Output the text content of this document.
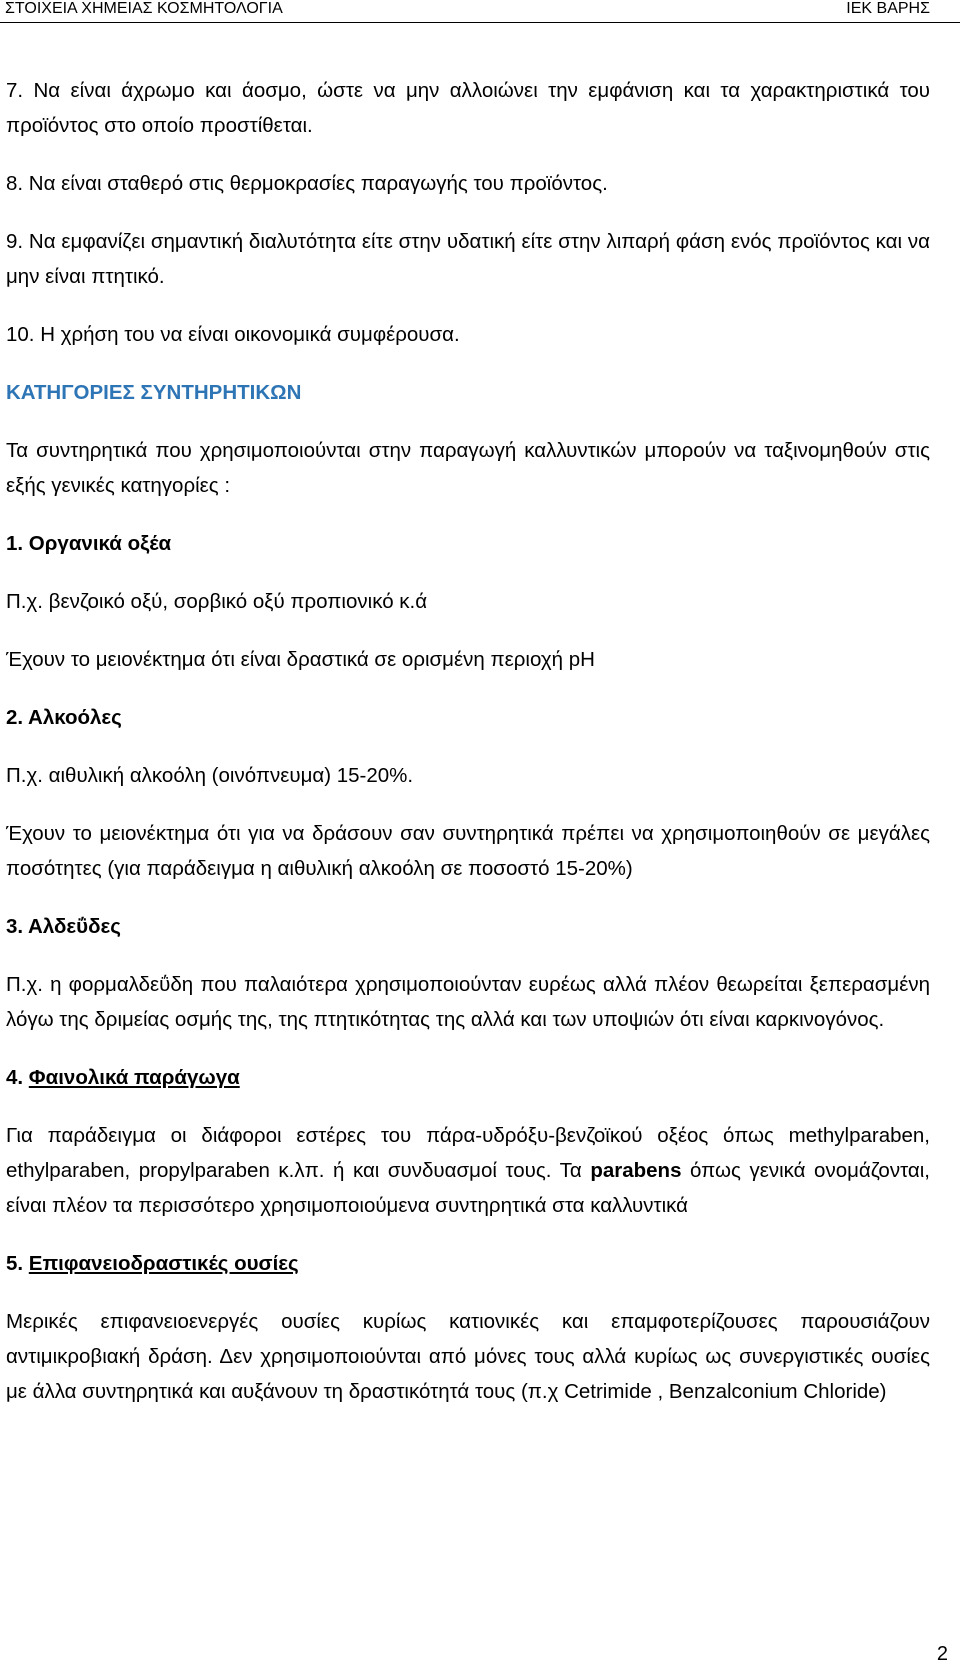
ΣΤΟΙΧΕΙΑ ΧΗΜΕΙΑΣ ΚΟΣΜΗΤΟΛΟΓΙΑ	ΙΕΚ ΒΑΡΗΣ

7. Να είναι άχρωμο και άοσμο, ώστε να μην αλλοιώνει την εμφάνιση και τα χαρακτηριστικά του προϊόντος στο οποίο προστίθεται.

8. Να είναι σταθερό στις θερμοκρασίες παραγωγής του προϊόντος.

9. Να εμφανίζει σημαντική διαλυτότητα είτε στην υδατική είτε στην λιπαρή φάση ενός προϊόντος και να μην είναι πτητικό.

10. Η χρήση του να είναι οικονομικά συμφέρουσα.

ΚΑΤΗΓΟΡΙΕΣ ΣΥΝΤΗΡΗΤΙΚΩΝ

Τα συντηρητικά που χρησιμοποιούνται στην παραγωγή καλλυντικών μπορούν να ταξινομηθούν στις εξής γενικές κατηγορίες :

1. Οργανικά οξέα

Π.χ. βενζοικό οξύ, σορβικό οξύ προπιονικό κ.ά

Έχουν το μειονέκτημα ότι είναι δραστικά σε ορισμένη περιοχή pH

2. Αλκοόλες

Π.χ. αιθυλική αλκοόλη (οινόπνευμα) 15-20%.

Έχουν το μειονέκτημα ότι για να δράσουν σαν συντηρητικά πρέπει να χρησιμοποιηθούν σε μεγάλες ποσότητες (για παράδειγμα η αιθυλική αλκοόλη σε ποσοστό 15-20%)

3. Αλδεΰδες

Π.χ. η φορμαλδεΰδη που παλαιότερα χρησιμοποιούνταν ευρέως αλλά πλέον θεωρείται ξεπερασμένη λόγω της δριμείας οσμής της, της πτητικότητας της αλλά και των υποψιών ότι είναι καρκινογόνος.

4. Φαινολικά παράγωγα

Για παράδειγμα οι διάφοροι εστέρες του πάρα-υδρόξυ-βενζοϊκού οξέος όπως methylparaben, ethylparaben, propylparaben κ.λπ. ή και συνδυασμοί τους. Τα parabens όπως γενικά ονομάζονται, είναι πλέον τα περισσότερο χρησιμοποιούμενα συντηρητικά στα καλλυντικά

5. Επιφανειοδραστικές ουσίες

Μερικές επιφανειοενεργές ουσίες κυρίως κατιονικές και επαμφοτερίζουσες παρουσιάζουν αντιμικροβιακή δράση. Δεν χρησιμοποιούνται από μόνες τους αλλά κυρίως ως συνεργιστικές ουσίες με άλλα συντηρητικά και αυξάνουν τη δραστικότητά τους (π.χ Cetrimide , Benzalconium Chloride)

2
